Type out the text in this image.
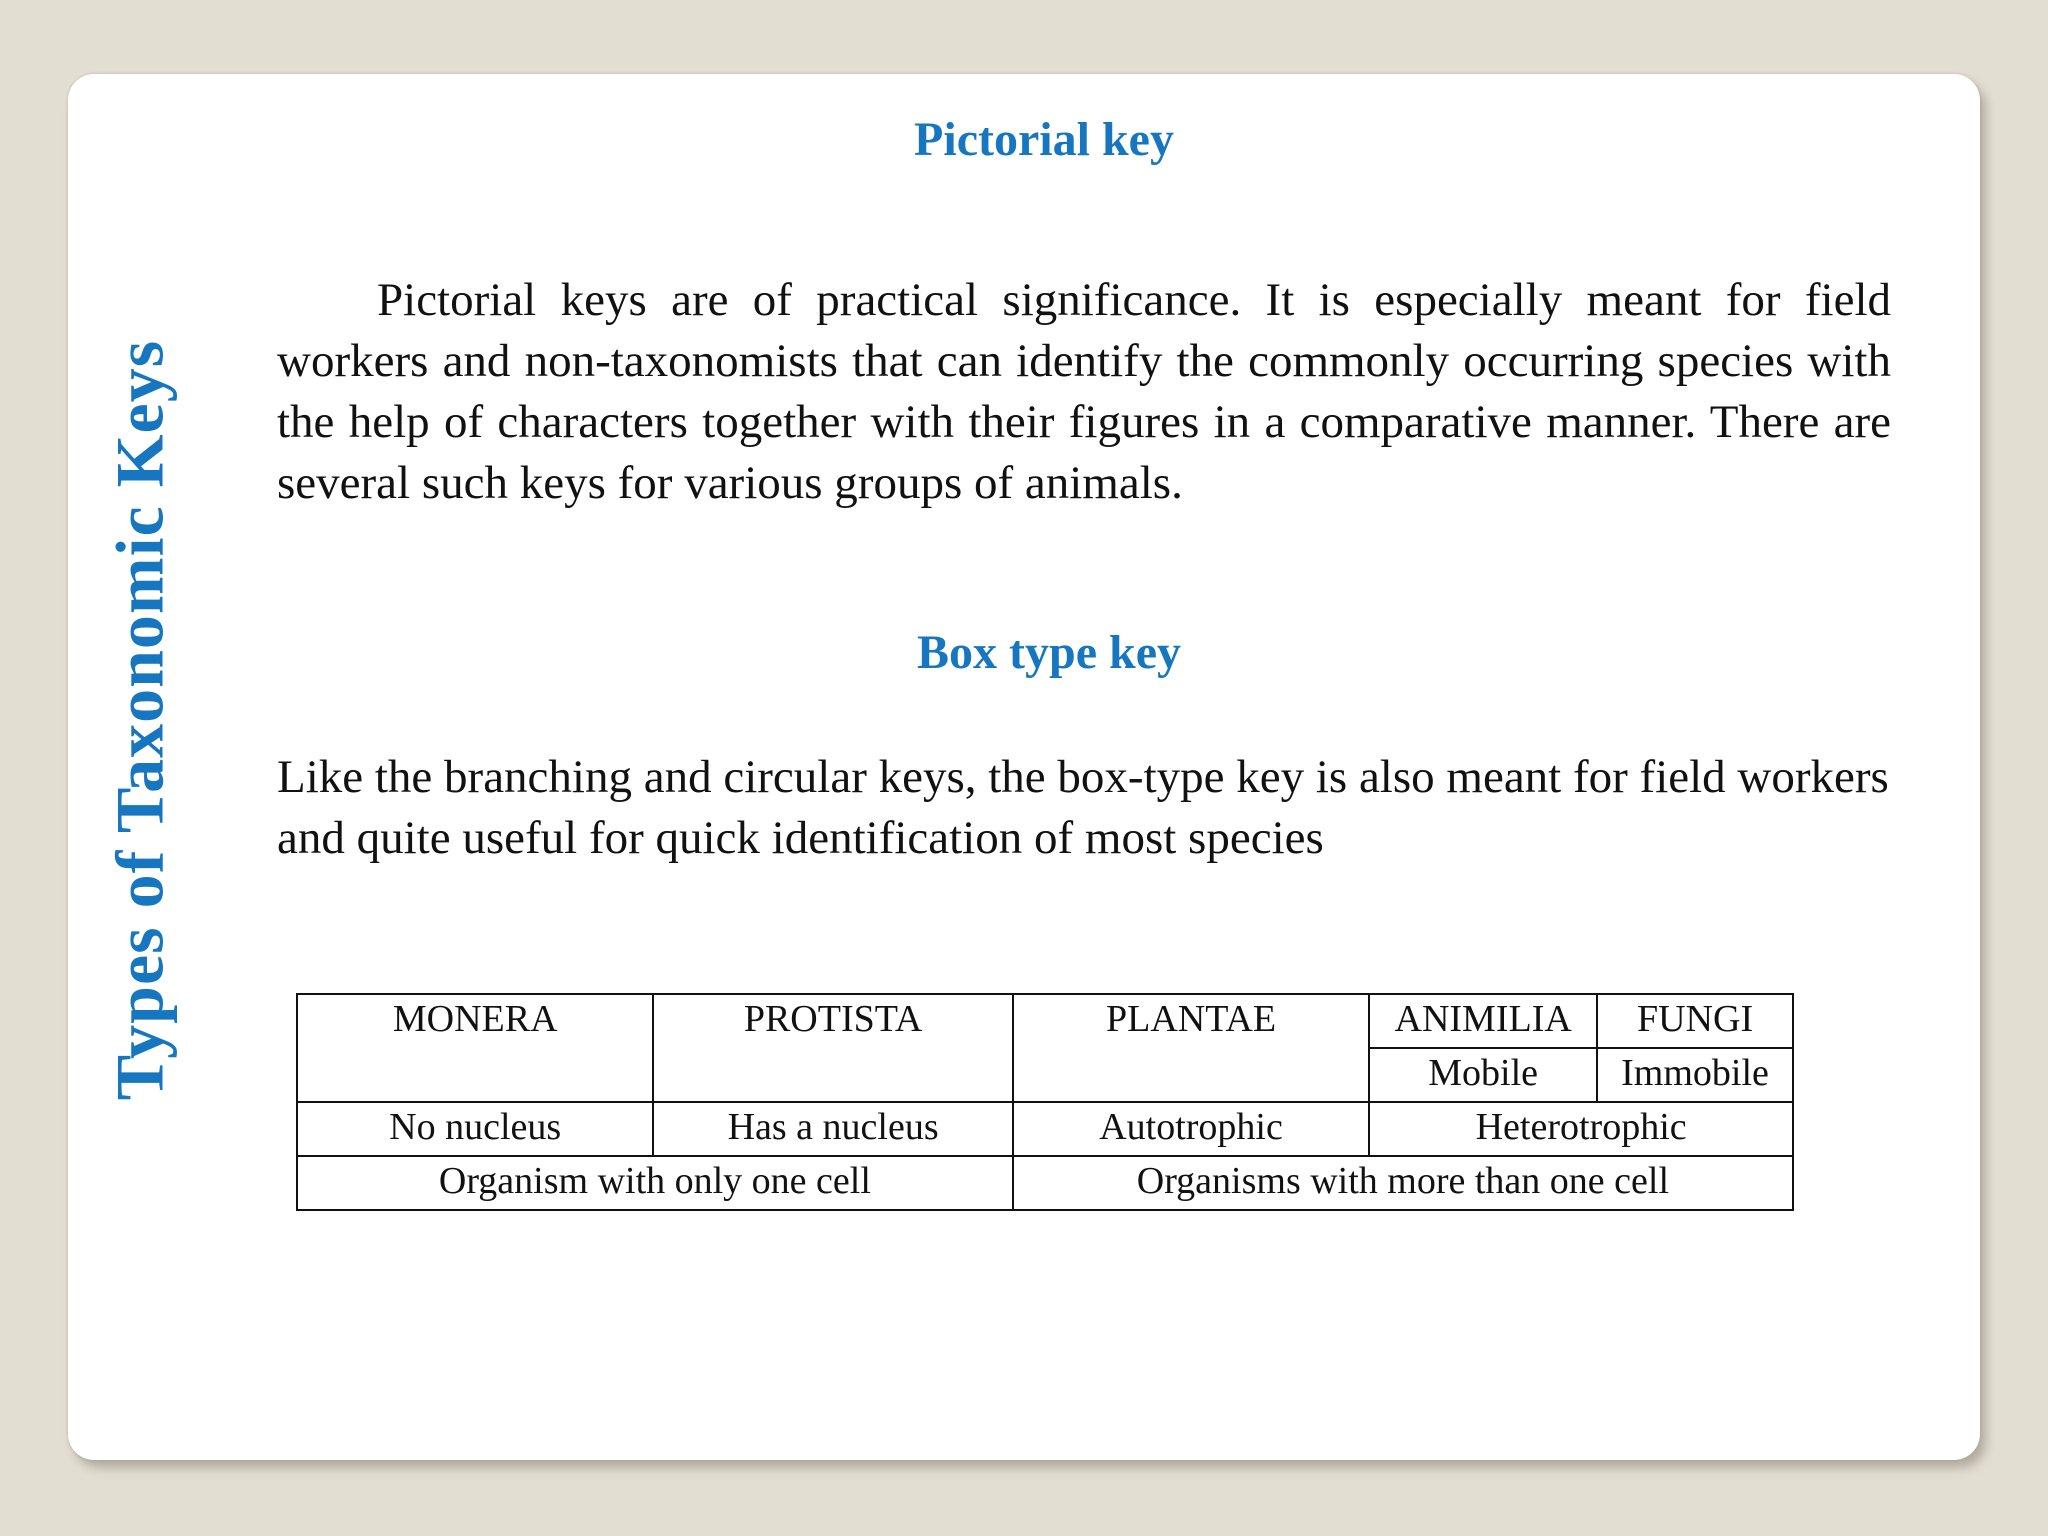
Types of Taxonomic Keys
Pictorial key
Pictorial keys are of practical significance. It is especially meant for field workers and non-taxonomists that can identify the commonly occurring species with the help of characters together with their figures in a comparative manner. There are several such keys for various groups of animals.
Box type key
Like the branching and circular keys, the box-type key is also meant for field workers and quite useful for quick identification of most species
MONERA	PROTISTA	PLANTAE	ANIMILIA	FUNGI
			Mobile	Immobile
No nucleus	Has a nucleus	Autotrophic	Heterotrophic	
Organism with only one cell		Organisms with more than one cell		
